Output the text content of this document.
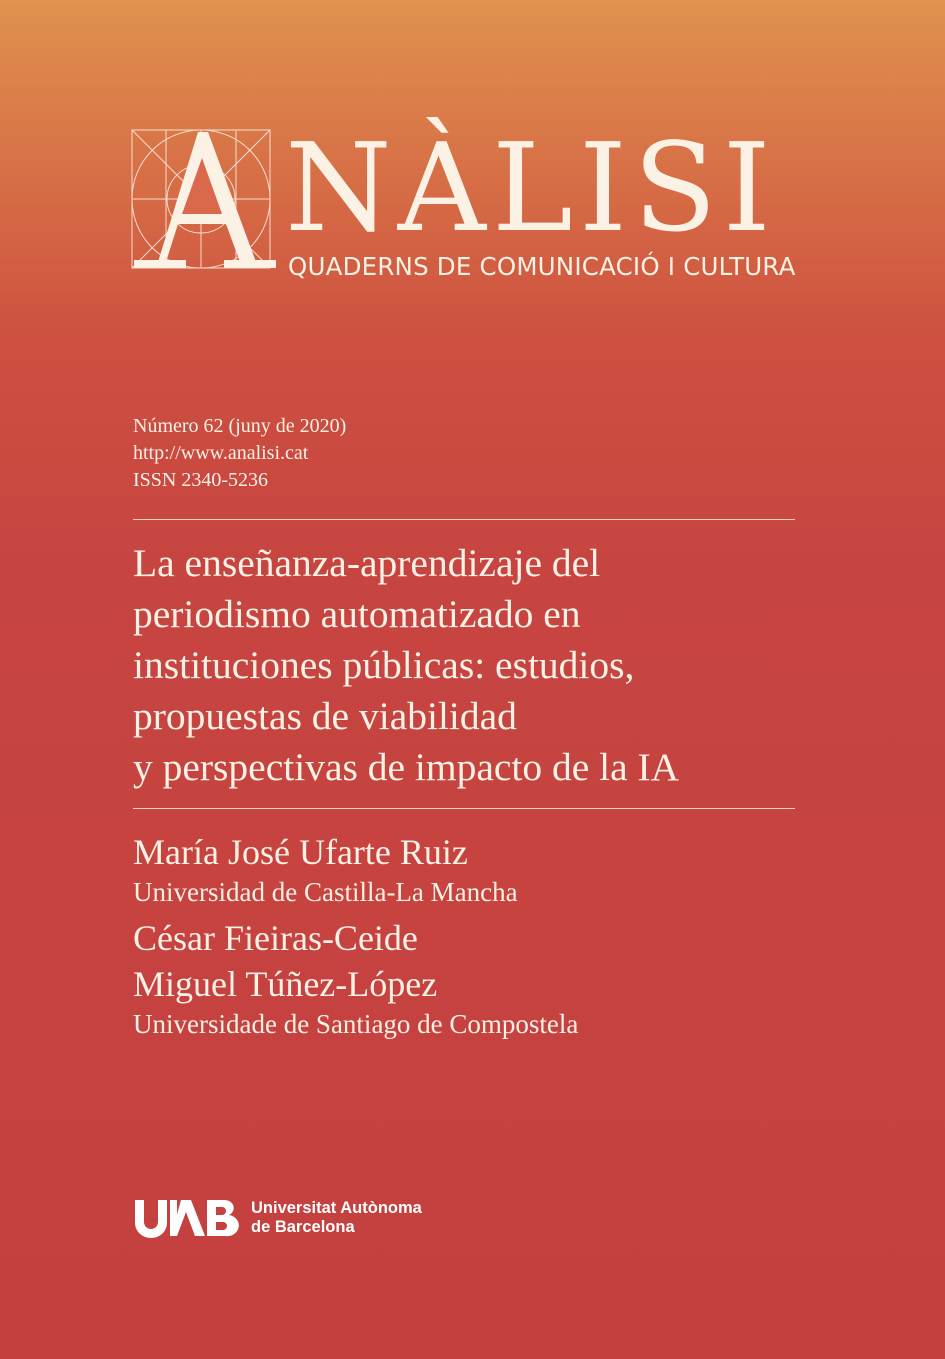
NÀLISI
QUADERNS DE COMUNICACIÓ I CULTURA
Número 62 (juny de 2020)
http://www.analisi.cat
ISSN 2340-5236
La enseñanza-aprendizaje del
periodismo automatizado en
instituciones públicas: estudios,
propuestas de viabilidad
y perspectivas de impacto de la IA
María José Ufarte Ruiz
Universidad de Castilla-La Mancha
César Fieiras-Ceide
Miguel Túñez-López
Universidade de Santiago de Compostela
Universitat Autònoma
de Barcelona
